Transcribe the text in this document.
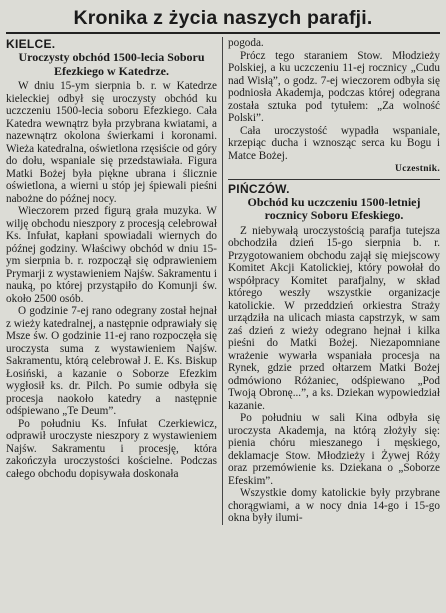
Kronika z życia naszych parafji.
KIELCE.
Uroczysty obchód 1500-lecia Soboru Efezkiego w Katedrze.

W dniu 15-ym sierpnia b. r. w Katedrze kieleckiej odbył się uroczysty obchód ku uczczeniu 1500-lecia soboru Efezkiego. Cała Katedra wewnątrz była przybrana kwiatami, a nazewnątrz okolona świerkami i koronami. Wieża katedralna, oświetlona rzęsiście od góry do dołu, wspaniale się przedstawiała. Figura Matki Bożej była piękne ubrana i ślicznie oświetlona, a wierni u stóp jej śpiewali pieśni nabożne do późnej nocy.

Wieczorem przed figurą grała muzyka. W wilję obchodu nieszpory z procesją celebrował Ks. Infułat, kapłani spowiadali wiernych do późnej godziny. Właściwy obchód w dniu 15-ym sierpnia b. r. rozpoczął się odprawieniem Prymarji z wystawieniem Najśw. Sakramentu i nauką, po której przystąpiło do Komunji św. około 2500 osób.

O godzinie 7-ej rano odegrany został hejnał z wieży katedralnej, a następnie odprawiały się Msze św. O godzinie 11-ej rano rozpoczęła się uroczysta suma z wystawieniem Najśw. Sakramentu, którą celebrował J. E. Ks. Biskup Łosiński, a kazanie o Soborze Efezkim wygłosił ks. dr. Pilch. Po sumie odbyła się procesja naokoło katedry a następnie odśpiewano „Te Deum”.

Po południu Ks. Infułat Czerkiewicz, odprawił uroczyste nieszpory z wystawieniem Najśw. Sakramentu i procesję, która zakończyła uroczystości kościelne. Podczas całego obchodu dopisywała doskonała

pogoda.

Prócz tego staraniem Stow. Młodzieży Polskiej, a ku uczczeniu 11-ej rocznicy „Cudu nad Wisłą”, o godz. 7-ej wieczorem odbyła się podniosła Akademja, podczas której odegrana została sztuka pod tytułem: „Za wolność Polski”.

Cała uroczystość wypadła wspaniale, krzepiąc ducha i wznosząc serca ku Bogu i Matce Bożej.

Uczestnik.

PIŃCZÓW.
Obchód ku uczczeniu 1500-letniej rocznicy Soboru Efeskiego.

Z niebywałą uroczystością parafja tutejsza obchodziła dzień 15-go sierpnia b. r. Przygotowaniem obchodu zajął się miejscowy Komitet Akcji Katolickiej, który powołał do współpracy Komitet parafjalny, w skład którego weszły wszystkie organizacje katolickie. W przeddzień orkiestra Straży urządziła na ulicach miasta capstrzyk, w sam zaś dzień z wieży odegrano hejnał i kilka pieśni do Matki Bożej. Niezapomniane wrażenie wywarła wspaniała procesja na Rynek, gdzie przed ołtarzem Matki Bożej odmówiono Różaniec, odśpiewano „Pod Twoją Obronę...”, a ks. Dziekan wypowiedział kazanie.

Po południu w sali Kina odbyła się uroczysta Akademja, na którą złożyły się: pienia chóru mieszanego i męskiego, deklamacje Stow. Młodzieży i Żywej Róży oraz przemówienie ks. Dziekana o „Soborze Efeskim”.

Wszystkie domy katolickie były przybrane chorągwiami, a w nocy dnia 14-go i 15-go okna były ilumi-
